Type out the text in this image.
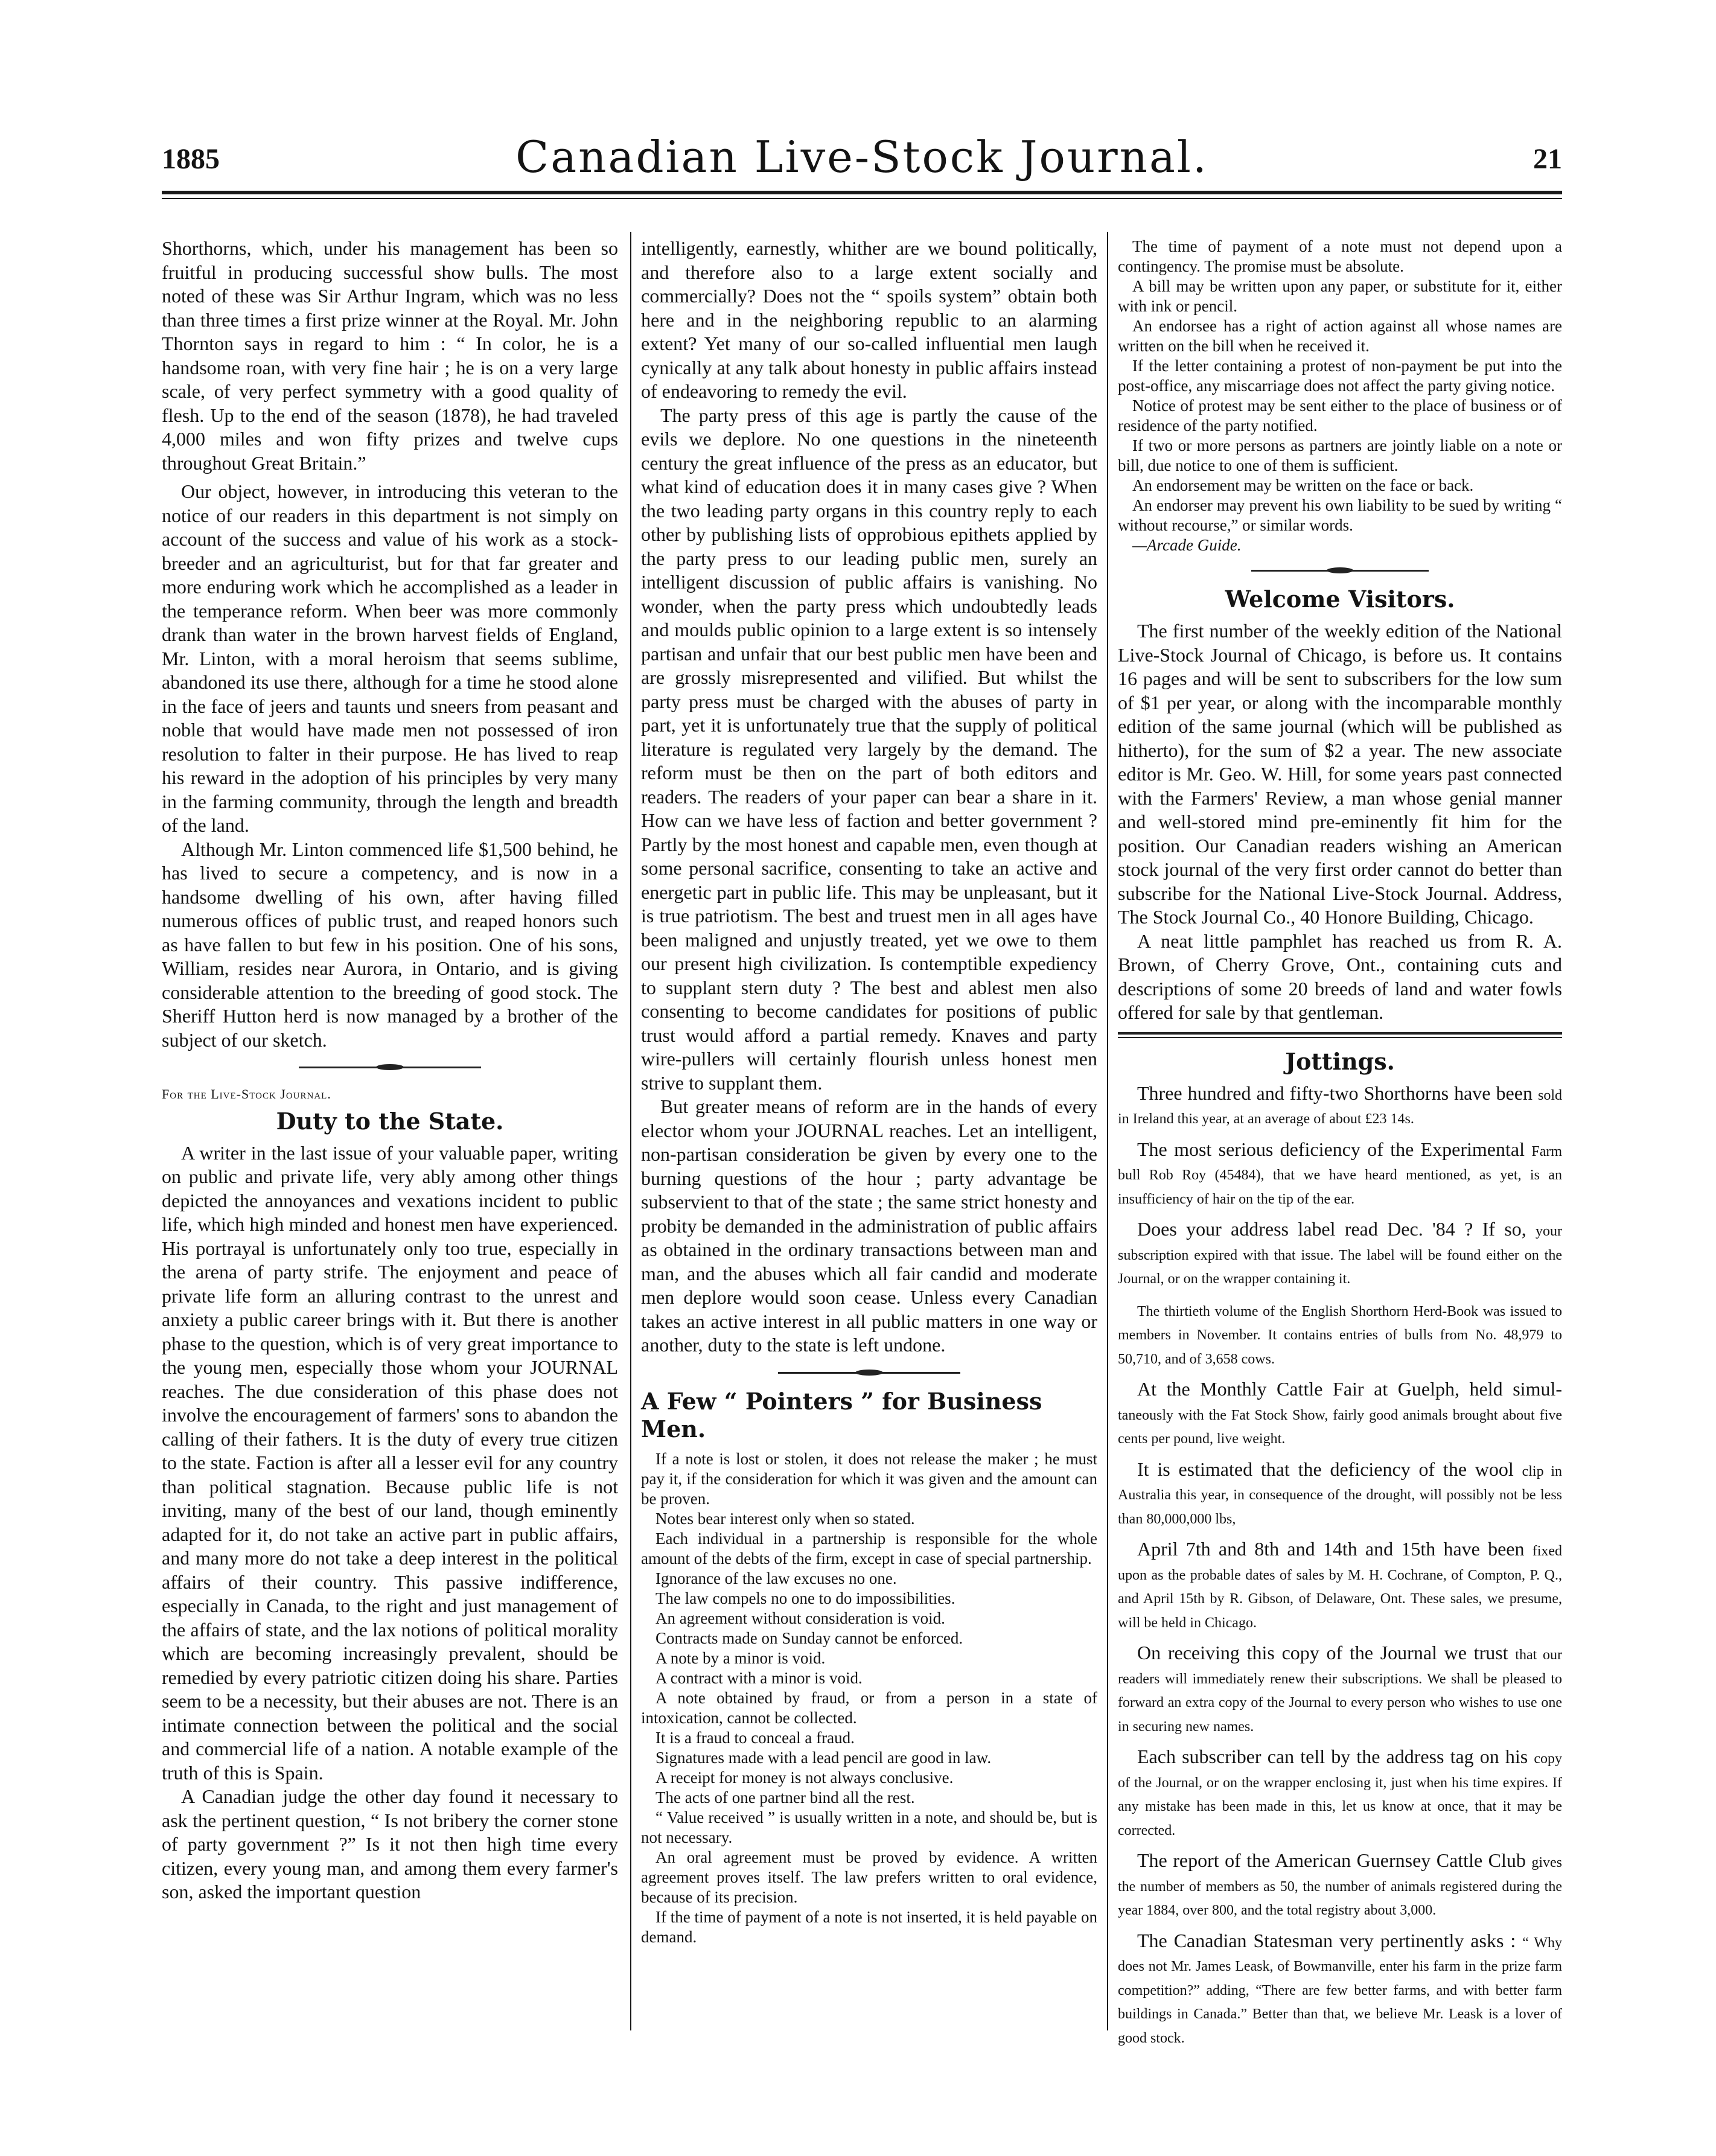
1885	Canadian Live-Stock Journal.	21

Shorthorns, which, under his management has been so fruitful in producing successful show bulls. The most noted of these was Sir Arthur Ingram, which was no less than three times a first prize winner at the Royal. Mr. John Thornton says in regard to him : “ In color, he is a handsome roan, with very fine hair ; he is on a very large scale, of very perfect symmetry with a good quality of flesh. Up to the end of the season (1878), he had traveled 4,000 miles and won fifty prizes and twelve cups throughout Great Britain.”

Our object, however, in introducing this veteran to the notice of our readers in this department is not simply on account of the success and value of his work as a stock-breeder and an agriculturist, but for that far greater and more enduring work which he accomplished as a leader in the temperance reform. When beer was more commonly drank than water in the brown harvest fields of England, Mr. Linton, with a moral heroism that seems sublime, abandoned its use there, although for a time he stood alone in the face of jeers and taunts und sneers from peasant and noble that would have made men not possessed of iron resolution to falter in their purpose. He has lived to reap his reward in the adoption of his principles by very many in the farming community, through the length and breadth of the land.

Although Mr. Linton commenced life $1,500 behind, he has lived to secure a competency, and is now in a handsome dwelling of his own, after having filled numerous offices of public trust, and reaped honors such as have fallen to but few in his position. One of his sons, William, resides near Aurora, in Ontario, and is giving considerable attention to the breeding of good stock. The Sheriff Hutton herd is now managed by a brother of the subject of our sketch.

For the Live-Stock Journal.
Duty to the State.

A writer in the last issue of your valuable paper, writing on public and private life, very ably among other things depicted the annoyances and vexations incident to public life, which high minded and honest men have experienced. His portrayal is unfortunately only too true, especially in the arena of party strife. The enjoyment and peace of private life form an alluring contrast to the unrest and anxiety a public career brings with it. But there is another phase to the question, which is of very great importance to the young men, especially those whom your JOURNAL reaches. The due consideration of this phase does not involve the encouragement of farmers' sons to abandon the calling of their fathers. It is the duty of every true citizen to the state. Faction is after all a lesser evil for any country than political stagnation. Because public life is not inviting, many of the best of our land, though eminently adapted for it, do not take an active part in public affairs, and many more do not take a deep interest in the political affairs of their country. This passive indifference, especially in Canada, to the right and just management of the affairs of state, and the lax notions of political morality which are becoming increasingly prevalent, should be remedied by every patriotic citizen doing his share. Parties seem to be a necessity, but their abuses are not. There is an intimate connection between the political and the social and commercial life of a nation. A notable example of the truth of this is Spain.

A Canadian judge the other day found it necessary to ask the pertinent question, “ Is not bribery the corner stone of party government ?” Is it not then high time every citizen, every young man, and among them every farmer's son, asked the important question

intelligently, earnestly, whither are we bound politically, and therefore also to a large extent socially and commercially? Does not the “ spoils system” obtain both here and in the neighboring republic to an alarming extent? Yet many of our so-called influential men laugh cynically at any talk about honesty in public affairs instead of endeavoring to remedy the evil.

The party press of this age is partly the cause of the evils we deplore. No one questions in the nineteenth century the great influence of the press as an educator, but what kind of education does it in many cases give ? When the two leading party organs in this country reply to each other by publishing lists of opprobious epithets applied by the party press to our leading public men, surely an intelligent discussion of public affairs is vanishing. No wonder, when the party press which undoubtedly leads and moulds public opinion to a large extent is so intensely partisan and unfair that our best public men have been and are grossly misrepresented and vilified. But whilst the party press must be charged with the abuses of party in part, yet it is unfortunately true that the supply of political literature is regulated very largely by the demand. The reform must be then on the part of both editors and readers. The readers of your paper can bear a share in it. How can we have less of faction and better government ? Partly by the most honest and capable men, even though at some personal sacrifice, consenting to take an active and energetic part in public life. This may be unpleasant, but it is true patriotism. The best and truest men in all ages have been maligned and unjustly treated, yet we owe to them our present high civilization. Is contemptible expediency to supplant stern duty ? The best and ablest men also consenting to become candidates for positions of public trust would afford a partial remedy. Knaves and party wire-pullers will certainly flourish unless honest men strive to supplant them.

But greater means of reform are in the hands of every elector whom your JOURNAL reaches. Let an intelligent, non-partisan consideration be given by every one to the burning questions of the hour ; party advantage be subservient to that of the state ; the same strict honesty and probity be demanded in the administration of public affairs as obtained in the ordinary transactions between man and man, and the abuses which all fair candid and moderate men deplore would soon cease. Unless every Canadian takes an active interest in all public matters in one way or another, duty to the state is left undone.

A Few “ Pointers ” for Business Men.

If a note is lost or stolen, it does not release the maker ; he must pay it, if the consideration for which it was given and the amount can be proven.

Notes bear interest only when so stated.

Each individual in a partnership is responsible for the whole amount of the debts of the firm, except in case of special partnership.

Ignorance of the law excuses no one.

The law compels no one to do impossibilities.

An agreement without consideration is void.

Contracts made on Sunday cannot be enforced.

A note by a minor is void.

A contract with a minor is void.

A note obtained by fraud, or from a person in a state of intoxication, cannot be collected.

It is a fraud to conceal a fraud.

Signatures made with a lead pencil are good in law.

A receipt for money is not always conclusive.

The acts of one partner bind all the rest.

“ Value received ” is usually written in a note, and should be, but is not necessary.

An oral agreement must be proved by evidence. A written agreement proves itself. The law prefers written to oral evidence, because of its precision.

If the time of payment of a note is not inserted, it is held payable on demand.

The time of payment of a note must not depend upon a contingency. The promise must be absolute.

A bill may be written upon any paper, or substitute for it, either with ink or pencil.

An endorsee has a right of action against all whose names are written on the bill when he received it.

If the letter containing a protest of non-payment be put into the post-office, any miscarriage does not affect the party giving notice.

Notice of protest may be sent either to the place of business or of residence of the party notified.

If two or more persons as partners are jointly liable on a note or bill, due notice to one of them is sufficient.

An endorsement may be written on the face or back.

An endorser may prevent his own liability to be sued by writing “ without recourse,” or similar words.

—Arcade Guide.

Welcome Visitors.

The first number of the weekly edition of the National Live-Stock Journal of Chicago, is before us. It contains 16 pages and will be sent to subscribers for the low sum of $1 per year, or along with the incomparable monthly edition of the same journal (which will be published as hitherto), for the sum of $2 a year. The new associate editor is Mr. Geo. W. Hill, for some years past connected with the Farmers' Review, a man whose genial manner and well-stored mind pre-eminently fit him for the position. Our Canadian readers wishing an American stock journal of the very first order cannot do better than subscribe for the National Live-Stock Journal. Address, The Stock Journal Co., 40 Honore Building, Chicago.

A neat little pamphlet has reached us from R. A. Brown, of Cherry Grove, Ont., containing cuts and descriptions of some 20 breeds of land and water fowls offered for sale by that gentleman.

Jottings.

Three hundred and fifty-two Shorthorns have been sold in Ireland this year, at an average of about £23 14s.

The most serious deficiency of the Experimental Farm bull Rob Roy (45484), that we have heard mentioned, as yet, is an insufficiency of hair on the tip of the ear.

Does your address label read Dec. '84 ? If so, your subscription expired with that issue. The label will be found either on the Journal, or on the wrapper containing it.

The thirtieth volume of the English Shorthorn Herd-Book was issued to members in November. It contains entries of bulls from No. 48,979 to 50,710, and of 3,658 cows.

At the Monthly Cattle Fair at Guelph, held simul- taneously with the Fat Stock Show, fairly good animals brought about five cents per pound, live weight.

It is estimated that the deficiency of the wool clip in Australia this year, in consequence of the drought, will possibly not be less than 80,000,000 lbs,

April 7th and 8th and 14th and 15th have been fixed upon as the probable dates of sales by M. H. Cochrane, of Compton, P. Q., and April 15th by R. Gibson, of Delaware, Ont. These sales, we presume, will be held in Chicago.

On receiving this copy of the Journal we trust that our readers will immediately renew their subscriptions. We shall be pleased to forward an extra copy of the Journal to every person who wishes to use one in securing new names.

Each subscriber can tell by the address tag on his copy of the Journal, or on the wrapper enclosing it, just when his time expires. If any mistake has been made in this, let us know at once, that it may be corrected.

The report of the American Guernsey Cattle Club gives the number of members as 50, the number of animals registered during the year 1884, over 800, and the total registry about 3,000.

The Canadian Statesman very pertinently asks : “ Why does not Mr. James Leask, of Bowmanville, enter his farm in the prize farm competition?” adding, “There are few better farms, and with better farm buildings in Canada.” Better than that, we believe Mr. Leask is a lover of good stock.
